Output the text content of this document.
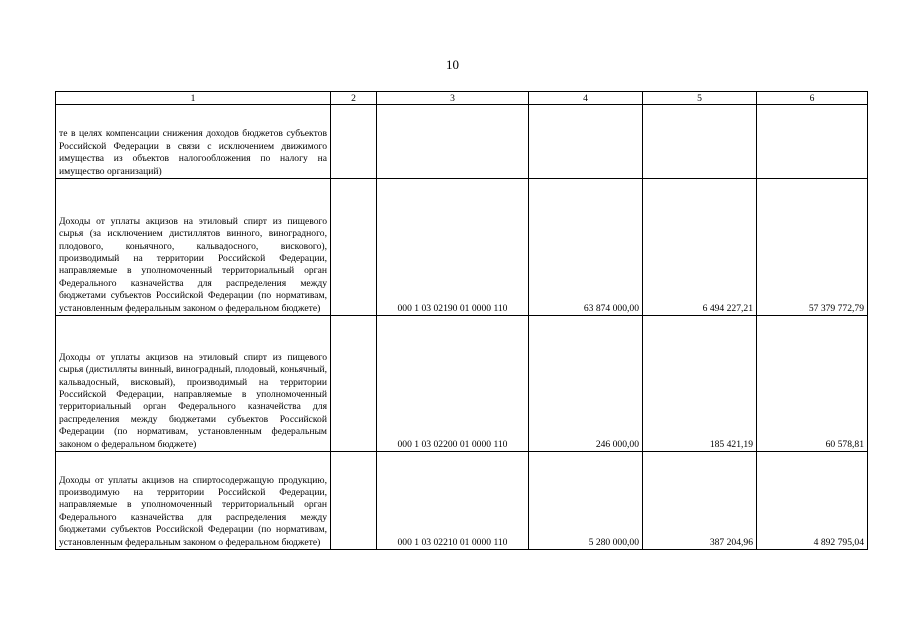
10
1	2	3	4	5	6
те в целях компенсации снижения доходов бюджетов субъектов Российской Федерации в связи с исключением движимого имущества из объектов налогообложения по налогу на имущество организаций)					
Доходы от уплаты акцизов на этиловый спирт из пищевого сырья (за исключением дистиллятов винного, виноградного, плодового, коньячного, кальвадосного, вискового), производимый на территории Российской Федерации, направляемые в уполномоченный территориальный орган Федерального казначейства для распределения между бюджетами субъектов Российской Федерации (по нормативам, установленным федеральным законом о федеральном бюджете)		000 1 03 02190 01 0000 110	63 874 000,00	6 494 227,21	57 379 772,79
Доходы от уплаты акцизов на этиловый спирт из пищевого сырья (дистилляты винный, виноградный, плодовый, коньячный, кальвадосный, висковый), производимый на территории Российской Федерации, направляемые в уполномоченный территориальный орган Федерального казначейства для распределения между бюджетами субъектов Российской Федерации (по нормативам, установленным федеральным законом о федеральном бюджете)		000 1 03 02200 01 0000 110	246 000,00	185 421,19	60 578,81
Доходы от уплаты акцизов на спиртосодержащую продукцию, производимую на территории Российской Федерации, направляемые в уполномоченный территориальный орган Федерального казначейства для распределения между бюджетами субъектов Российской Федерации (по нормативам, установленным федеральным законом о федеральном бюджете)		000 1 03 02210 01 0000 110	5 280 000,00	387 204,96	4 892 795,04
